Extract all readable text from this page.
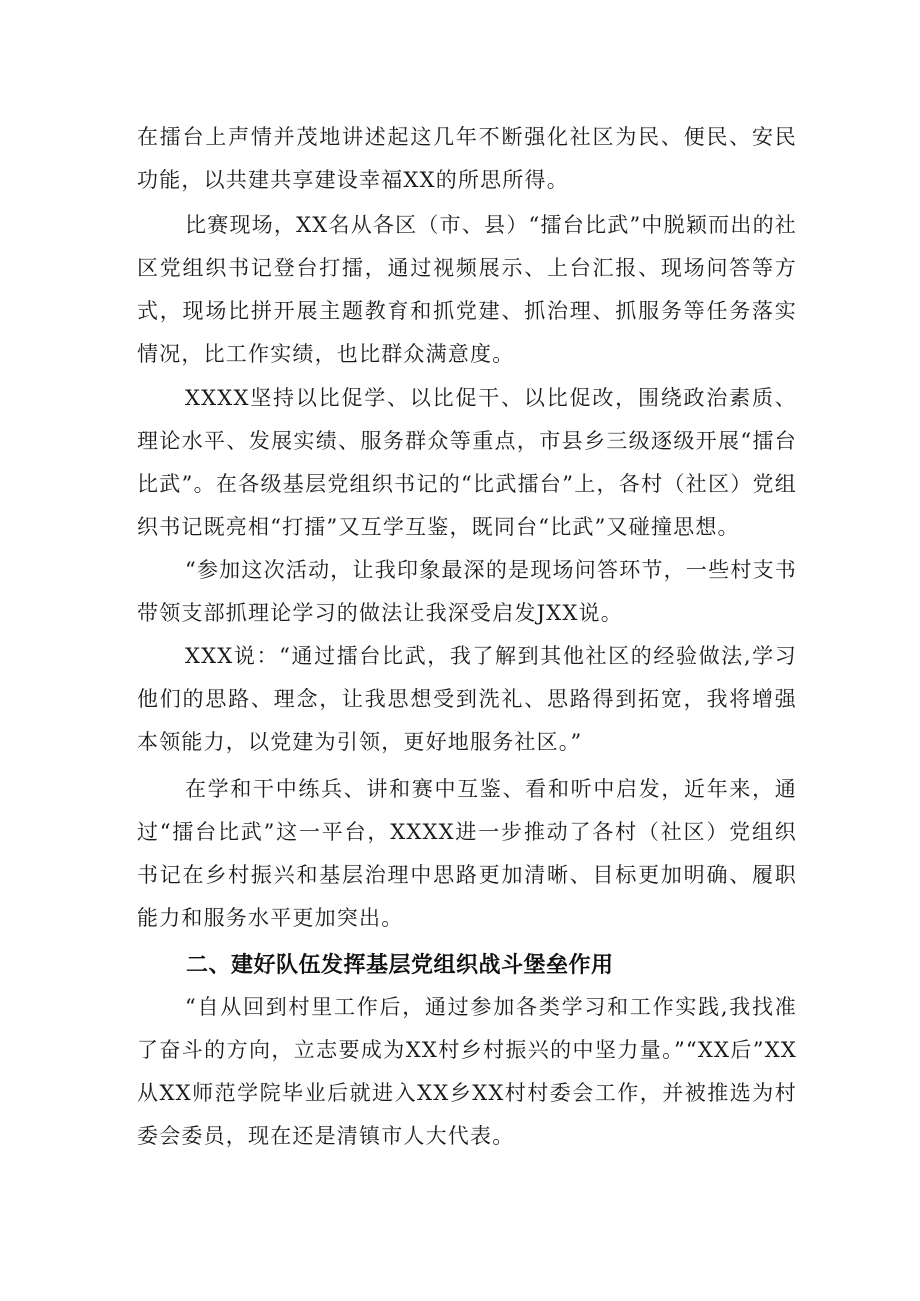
在擂台上声情并茂地讲述起这几年不断强化社区为民、便民、安民功能，以共建共享建设幸福XX的所思所得。

比赛现场，XX名从各区（市、县）“擂台比武”中脱颖而出的社区党组织书记登台打擂，通过视频展示、上台汇报、现场问答等方式，现场比拼开展主题教育和抓党建、抓治理、抓服务等任务落实情况，比工作实绩，也比群众满意度。

XXXX坚持以比促学、以比促干、以比促改，围绕政治素质、理论水平、发展实绩、服务群众等重点，市县乡三级逐级开展“擂台比武”。在各级基层党组织书记的“比武擂台”上，各村（社区）党组织书记既亮相“打擂”又互学互鉴，既同台“比武”又碰撞思想。

“参加这次活动，让我印象最深的是现场问答环节，一些村支书带领支部抓理论学习的做法让我深受启发JXX说。

XXX说：“通过擂台比武，我了解到其他社区的经验做法,学习他们的思路、理念，让我思想受到洗礼、思路得到拓宽，我将增强本领能力，以党建为引领，更好地服务社区。”

在学和干中练兵、讲和赛中互鉴、看和听中启发，近年来，通过“擂台比武”这一平台，XXXX进一步推动了各村（社区）党组织书记在乡村振兴和基层治理中思路更加清晰、目标更加明确、履职能力和服务水平更加突出。

二、建好队伍发挥基层党组织战斗堡垒作用

“自从回到村里工作后，通过参加各类学习和工作实践,我找准了奋斗的方向，立志要成为XX村乡村振兴的中坚力量。”“XX后”XX从XX师范学院毕业后就进入XX乡XX村村委会工作，并被推选为村委会委员，现在还是清镇市人大代表。
